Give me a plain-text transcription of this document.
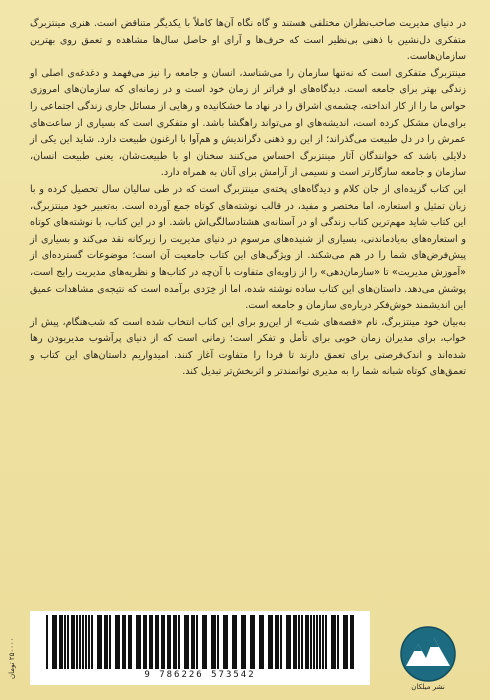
در دنیای مدیریت صاحب‌نظران مختلفی هستند و گاه نگاه آن‌ها کاملاً با یکدیگر متناقض است. هنری مینتزبرگ متفکری دل‌نشین با ذهنی بی‌نظیر است که حرف‌ها و آرای او حاصل سال‌ها مشاهده و تعمق روی بهترین سازمان‌هاست.

مینتزبرگ متفکری است که نه‌تنها سازمان را می‌شناسد، انسان و جامعه را نیز می‌فهمد و دغدغه‌ی اصلی او زندگی بهتر برای جامعه است. دیدگاه‌های او فراتر از زمان خود است و در زمانه‌ای که سازمان‌های امروزی حواس ما را از کار انداخته، چشمه‌ی اشراق را در نهاد ما خشکانیده و رهایی از مسائل جاری زندگی اجتماعی را برای‌مان مشکل کرده است، اندیشه‌های او می‌تواند راهگشا باشد. او متفکری است که بسیاری از ساعت‌های عمرش را در دل طبیعت می‌گذراند؛ از این رو ذهنی دگراندیش و هم‌آوا با ارغنون طبیعت دارد. شاید این یکی از دلایلی باشد که خوانندگان آثار مینتزبرگ احساس می‌کنند سخنان او با طبیعت‌شان، یعنی طبیعت انسان، سازمان و جامعه سازگارتر است و نسیمی از آرامش برای آنان به همراه دارد.

این کتاب گزیده‌ای از جان کلام و دیدگاه‌های پخته‌ی مینتزبرگ است که در طی سالیان سال تحصیل کرده و با زبان تمثیل و استعاره، اما مختصر و مفید، در قالب نوشته‌های کوتاه جمع آورده است. به‌تعبیر خود مینتزبرگ، این کتاب شاید مهم‌ترین کتاب زندگی او در آستانه‌ی هشتادسالگی‌اش باشد. او در این کتاب، با نوشته‌های کوتاه و استعاره‌های به‌یادماندنی، بسیاری از شنیده‌های مرسوم در دنیای مدیریت را زیرکانه نقد می‌کند و بسیاری از پیش‌فرض‌های شما را در هم می‌شکند. از ویژگی‌های این کتاب جامعیت آن است؛ موضوعات گسترده‌ای از «آموزش مدیریت» تا «سازمان‌دهی» را از زاویه‌ای متفاوت با آن‌چه در کتاب‌ها و نظریه‌های مدیریت رایج است، پوشش می‌دهد. داستان‌های این کتاب ساده نوشته شده، اما از خِرَدی برآمده است که نتیجه‌ی مشاهدات عمیق این اندیشمند خوش‌فکر درباره‌ی سازمان و جامعه است.

به‌بیان خود مینتزبرگ، نام «قصه‌های شب» از این‌رو برای این کتاب انتخاب شده است که شب‌هنگام، پیش از خواب، برای مدیران زمان خوبی برای تأمل و تفکر است؛ زمانی است که از دنیای پرآشوب مدیربودن رها شده‌اند و اندک‌فرصتی برای تعمق دارند تا فردا را متفاوت آغاز کنند. امیدواریم داستان‌های این کتاب و تعمق‌های کوتاه شبانه شما را به مدیری توانمندتر و اثربخش‌تر تبدیل کند.

۲۵۰۰۰۰ تومان
9 786226 573542
نشر میلکان
